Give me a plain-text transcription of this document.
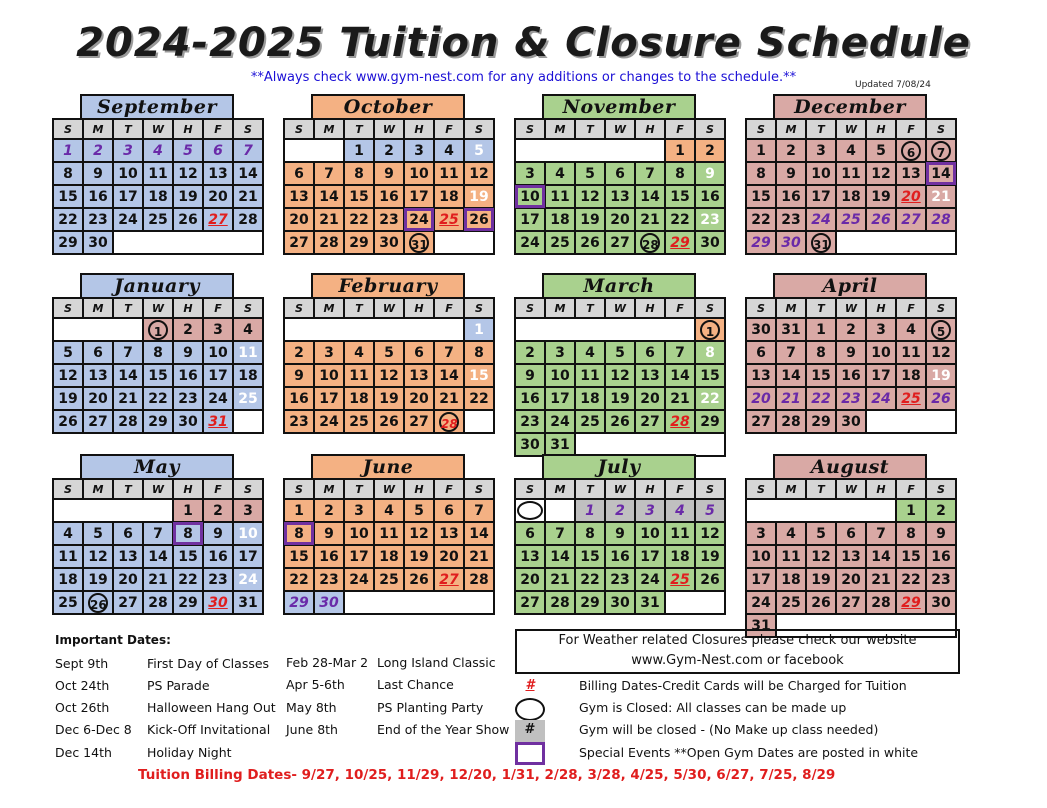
2024-2025 Tuition & Closure Schedule
**Always check www.gym-nest.com for any additions or changes to the schedule.**	Updated 7/08/24
September
S	M	T	W	H	F	S
1	2	3	4	5	6	7
8	9	10	11	12	13	14
15	16	17	18	19	20	21
22	23	24	25	26	27	28
29	30					
October
S	M	T	W	H	F	S
		1	2	3	4	5
6	7	8	9	10	11	12
13	14	15	16	17	18	19
20	21	22	23	24	25	26
27	28	29	30	31		
November
S	M	T	W	H	F	S
					1	2
3	4	5	6	7	8	9
10	11	12	13	14	15	16
17	18	19	20	21	22	23
24	25	26	27	28	29	30
December
S	M	T	W	H	F	S
1	2	3	4	5	6	7
8	9	10	11	12	13	14
15	16	17	18	19	20	21
22	23	24	25	26	27	28
29	30	31				
January
S	M	T	W	H	F	S
			1	2	3	4
5	6	7	8	9	10	11
12	13	14	15	16	17	18
19	20	21	22	23	24	25
26	27	28	29	30	31	
February
S	M	T	W	H	F	S
						1
2	3	4	5	6	7	8
9	10	11	12	13	14	15
16	17	18	19	20	21	22
23	24	25	26	27	28	
March
S	M	T	W	H	F	S
						1
2	3	4	5	6	7	8
9	10	11	12	13	14	15
16	17	18	19	20	21	22
23	24	25	26	27	28	29
30	31					
April
S	M	T	W	H	F	S
30	31	1	2	3	4	5
6	7	8	9	10	11	12
13	14	15	16	17	18	19
20	21	22	23	24	25	26
27	28	29	30			
May
S	M	T	W	H	F	S
				1	2	3
4	5	6	7	8	9	10
11	12	13	14	15	16	17
18	19	20	21	22	23	24
25	26	27	28	29	30	31
June
S	M	T	W	H	F	S
1	2	3	4	5	6	7
8	9	10	11	12	13	14
15	16	17	18	19	20	21
22	23	24	25	26	27	28
29	30					
July
S	M	T	W	H	F	S
		1	2	3	4	5
6	7	8	9	10	11	12
13	14	15	16	17	18	19
20	21	22	23	24	25	26
27	28	29	30	31		
August
S	M	T	W	H	F	S
					1	2
3	4	5	6	7	8	9
10	11	12	13	14	15	16
17	18	19	20	21	22	23
24	25	26	27	28	29	30
31						
Important Dates:
Sept 9th	First Day of Classes
Oct 24th	PS Parade
Oct 26th	Halloween Hang Out
Dec 6-Dec 8 Kick-Off Invitational
Dec 14th	Holiday Night
Feb 28-Mar 2 Long Island Classic
Apr 5-6th	Last Chance
May 8th	PS Planting Party
June 8th	End of the Year Show
For Weather related Closures please check our website
www.Gym-Nest.com or facebook
#	Billing Dates-Credit Cards will be Charged for Tuition
Gym is Closed: All classes can be made up
#	Gym will be closed - (No Make up class needed)
Special Events **Open Gym Dates are posted in white
Tuition Billing Dates- 9/27, 10/25, 11/29, 12/20, 1/31, 2/28, 3/28, 4/25, 5/30, 6/27, 7/25, 8/29
